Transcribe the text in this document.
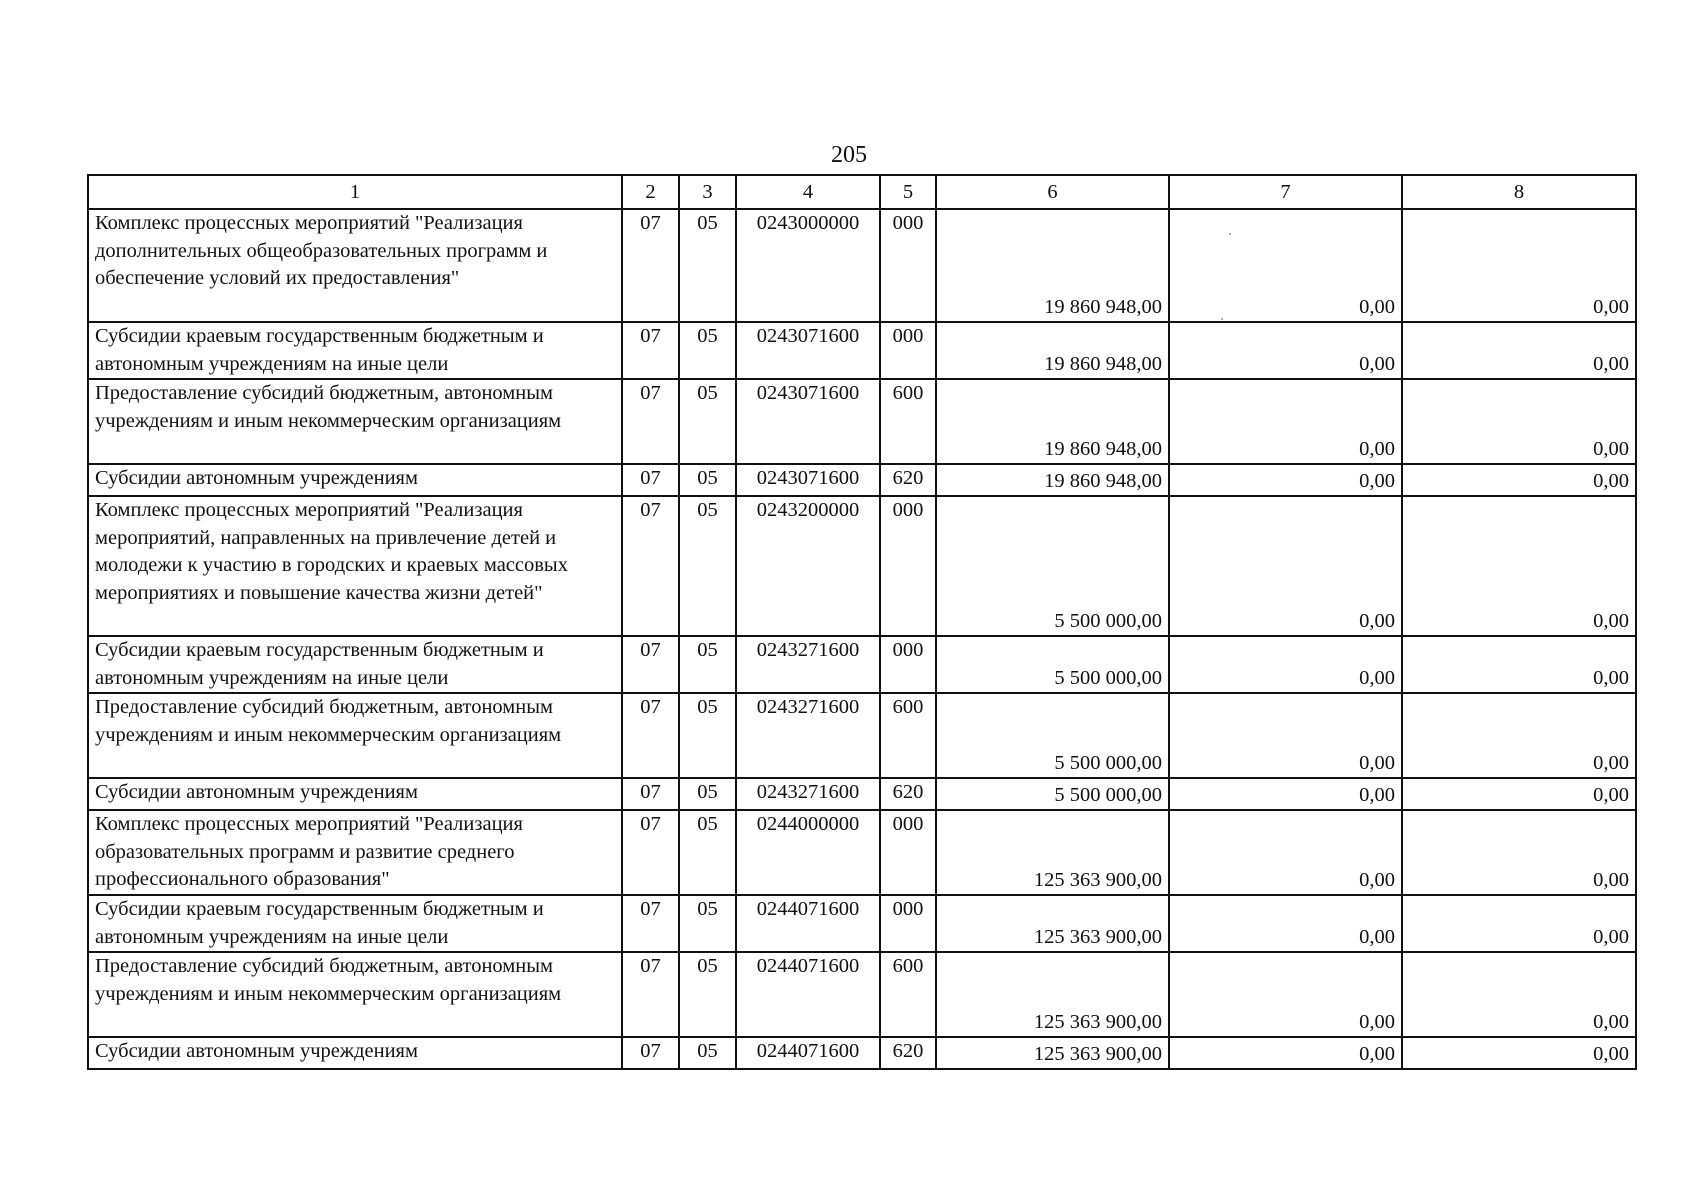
205
1	2	3	4	5	6	7	8
Комплекс процессных мероприятий "Реализация дополнительных общеобразовательных программ и обеспечение условий их предоставления"	07	05	0243000000	000	19 860 948,00	0,00	0,00
Субсидии краевым государственным бюджетным и автономным учреждениям на иные цели	07	05	0243071600	000	19 860 948,00	0,00	0,00
Предоставление субсидий бюджетным, автономным учреждениям и иным некоммерческим организациям	07	05	0243071600	600	19 860 948,00	0,00	0,00
Субсидии автономным учреждениям	07	05	0243071600	620	19 860 948,00	0,00	0,00
Комплекс процессных мероприятий "Реализация мероприятий, направленных на привлечение детей и молодежи к участию в городских и краевых массовых мероприятиях и повышение качества жизни детей"	07	05	0243200000	000	5 500 000,00	0,00	0,00
Субсидии краевым государственным бюджетным и автономным учреждениям на иные цели	07	05	0243271600	000	5 500 000,00	0,00	0,00
Предоставление субсидий бюджетным, автономным учреждениям и иным некоммерческим организациям	07	05	0243271600	600	5 500 000,00	0,00	0,00
Субсидии автономным учреждениям	07	05	0243271600	620	5 500 000,00	0,00	0,00
Комплекс процессных мероприятий "Реализация образовательных программ и развитие среднего профессионального образования"	07	05	0244000000	000	125 363 900,00	0,00	0,00
Субсидии краевым государственным бюджетным и автономным учреждениям на иные цели	07	05	0244071600	000	125 363 900,00	0,00	0,00
Предоставление субсидий бюджетным, автономным учреждениям и иным некоммерческим организациям	07	05	0244071600	600	125 363 900,00	0,00	0,00
Субсидии автономным учреждениям	07	05	0244071600	620	125 363 900,00	0,00	0,00
